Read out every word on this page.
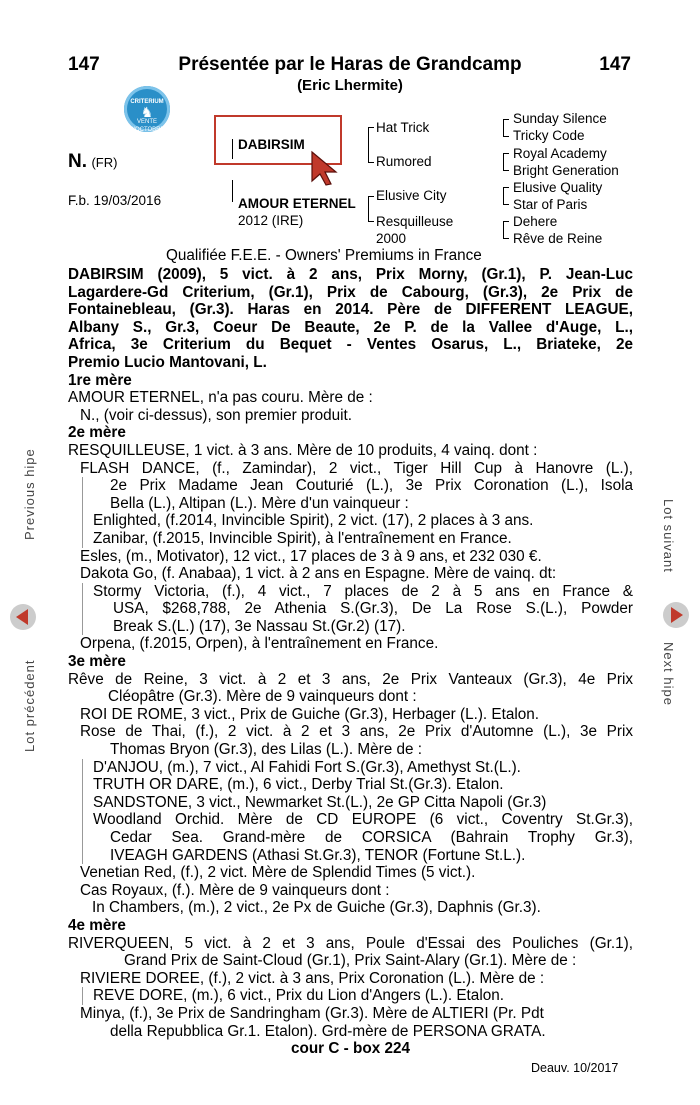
147	Présentée par le Haras de Grandcamp	147
(Eric Lhermite)
CRITERIUM
♞
VENTE D'OCTOBRE
N. (FR)
F.b. 19/03/2016
DABIRSIM
AMOUR ETERNEL
2012 (IRE)
Hat Trick
Rumored
Elusive City
Resquilleuse
2000
Sunday Silence
Tricky Code
Royal Academy
Bright Generation
Elusive Quality
Star of Paris
Dehere
Rêve de Reine
Qualifiée F.E.E. - Owners' Premiums in France

DABIRSIM (2009), 5 vict. à 2 ans, Prix Morny, (Gr.1), P. Jean-Luc

Lagardere-Gd Criterium, (Gr.1), Prix de Cabourg, (Gr.3), 2e Prix de

Fontainebleau, (Gr.3). Haras en 2014. Père de DIFFERENT LEAGUE,

Albany S., Gr.3, Coeur De Beaute, 2e P. de la Vallee d'Auge, L.,

Africa, 3e Criterium du Bequet - Ventes Osarus, L., Briateke, 2e

Premio Lucio Mantovani, L.

1re mère

AMOUR ETERNEL, n'a pas couru. Mère de :

N., (voir ci-dessus), son premier produit.

2e mère

RESQUILLEUSE, 1 vict. à 3 ans. Mère de 10 produits, 4 vainq. dont :

FLASH DANCE, (f., Zamindar), 2 vict., Tiger Hill Cup à Hanovre (L.),

2e Prix Madame Jean Couturié (L.), 3e Prix Coronation (L.), Isola

Bella (L.), Altipan (L.). Mère d'un vainqueur :

Enlighted, (f.2014, Invincible Spirit), 2 vict. (17), 2 places à 3 ans.

Zanibar, (f.2015, Invincible Spirit), à l'entraînement en France.

Esles, (m., Motivator), 12 vict., 17 places de 3 à 9 ans, et 232 030 €.

Dakota Go, (f. Anabaa), 1 vict. à 2 ans en Espagne. Mère de vainq. dt:

Stormy Victoria, (f.), 4 vict., 7 places de 2 à 5 ans en France &

USA, $268,788, 2e Athenia S.(Gr.3), De La Rose S.(L.), Powder

Break S.(L.) (17), 3e Nassau St.(Gr.2) (17).

Orpena, (f.2015, Orpen), à l'entraînement en France.

3e mère

Rêve de Reine, 3 vict. à 2 et 3 ans, 2e Prix Vanteaux (Gr.3), 4e Prix

Cléopâtre (Gr.3). Mère de 9 vainqueurs dont :

ROI DE ROME, 3 vict., Prix de Guiche (Gr.3), Herbager (L.). Etalon.

Rose de Thai, (f.), 2 vict. à 2 et 3 ans, 2e Prix d'Automne (L.), 3e Prix

Thomas Bryon (Gr.3), des Lilas (L.). Mère de :

D'ANJOU, (m.), 7 vict., Al Fahidi Fort S.(Gr.3), Amethyst St.(L.).

TRUTH OR DARE, (m.), 6 vict., Derby Trial St.(Gr.3). Etalon.

SANDSTONE, 3 vict., Newmarket St.(L.), 2e GP Citta Napoli (Gr.3)

Woodland Orchid. Mère de CD EUROPE (6 vict., Coventry St.Gr.3),

Cedar Sea. Grand-mère de CORSICA (Bahrain Trophy Gr.3),

IVEAGH GARDENS (Athasi St.Gr.3), TENOR (Fortune St.L.).

Venetian Red, (f.), 2 vict. Mère de Splendid Times (5 vict.).

Cas Royaux, (f.). Mère de 9 vainqueurs dont :

In Chambers, (m.), 2 vict., 2e Px de Guiche (Gr.3), Daphnis (Gr.3).

4e mère

RIVERQUEEN, 5 vict. à 2 et 3 ans, Poule d'Essai des Pouliches (Gr.1),

Grand Prix de Saint-Cloud (Gr.1), Prix Saint-Alary (Gr.1). Mère de :

RIVIERE DOREE, (f.), 2 vict. à 3 ans, Prix Coronation (L.). Mère de :

REVE DORE, (m.), 6 vict., Prix du Lion d'Angers (L.). Etalon.

Minya, (f.), 3e Prix de Sandringham (Gr.3). Mère de ALTIERI (Pr. Pdt

della Repubblica Gr.1. Etalon). Grd-mère de PERSONA GRATA.

cour C - box 224

Deauv. 10/2017
Previous hipe
Lot précédent
Lot suivant
Next hipe
